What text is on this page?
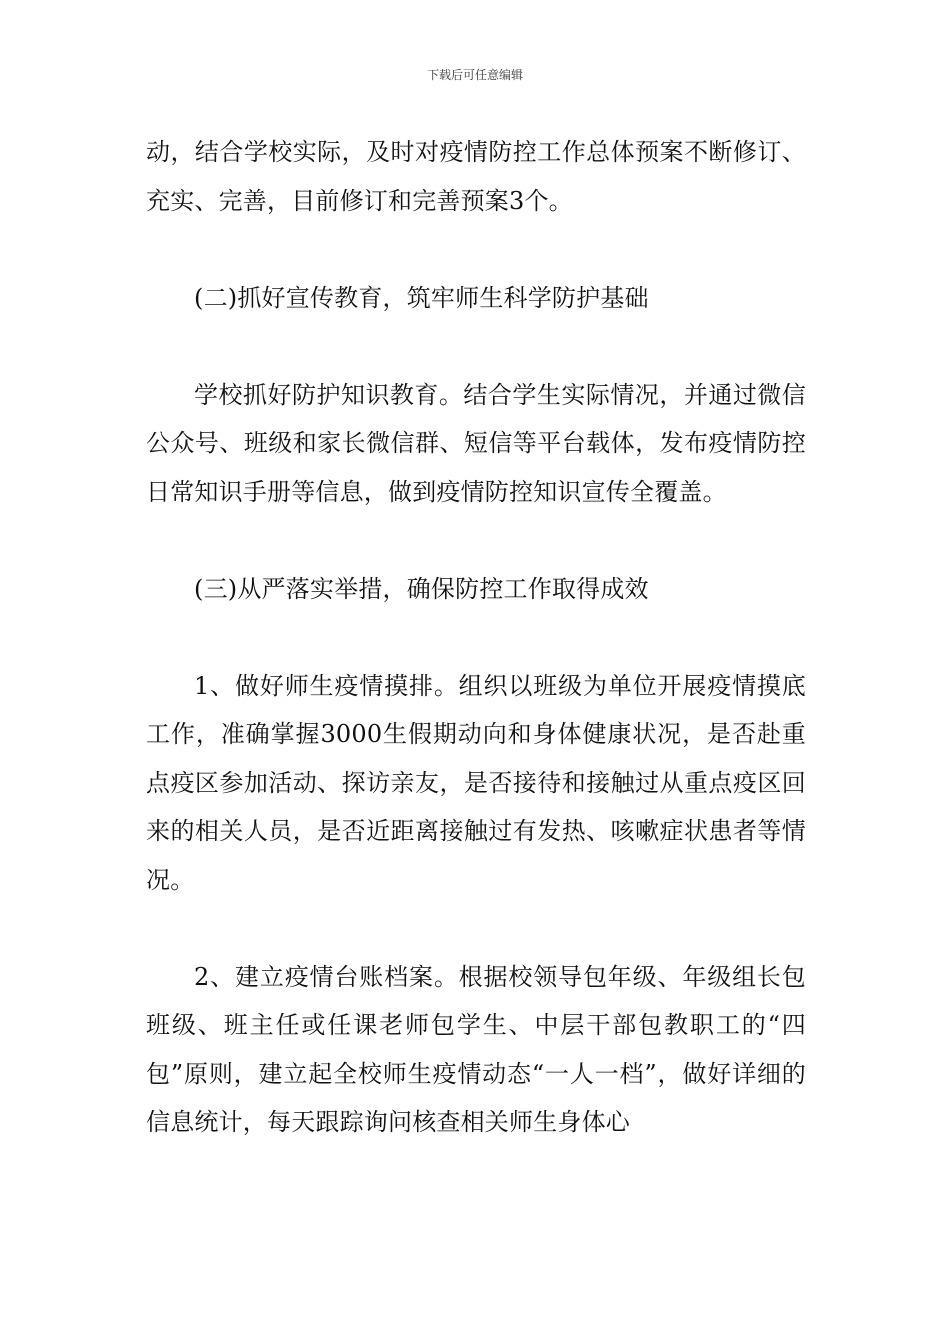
下载后可任意编辑

动，结合学校实际，及时对疫情防控工作总体预案不断修订、充实、完善，目前修订和完善预案3个。

(二)抓好宣传教育，筑牢师生科学防护基础

学校抓好防护知识教育。结合学生实际情况，并通过微信公众号、班级和家长微信群、短信等平台载体，发布疫情防控日常知识手册等信息，做到疫情防控知识宣传全覆盖。

(三)从严落实举措，确保防控工作取得成效

1、做好师生疫情摸排。组织以班级为单位开展疫情摸底工作，准确掌握3000生假期动向和身体健康状况，是否赴重点疫区参加活动、探访亲友，是否接待和接触过从重点疫区回来的相关人员，是否近距离接触过有发热、咳嗽症状患者等情况。

2、建立疫情台账档案。根据校领导包年级、年级组长包班级、班主任或任课老师包学生、中层干部包教职工的“四包”原则，建立起全校师生疫情动态“一人一档”，做好详细的信息统计，每天跟踪询问核查相关师生身体心
